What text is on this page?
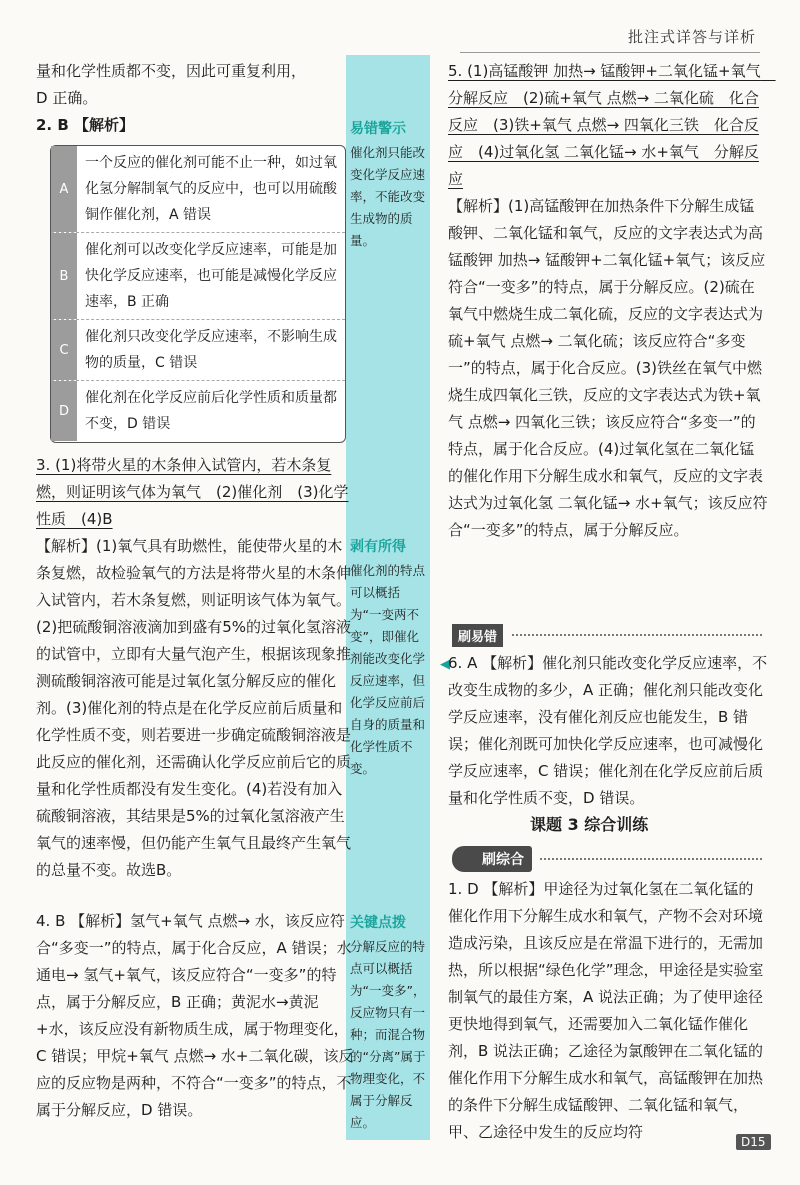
批注式详答与详析

量和化学性质都不变，因此可重复利用，

D 正确。

2. B 【解析】

A
一个反应的催化剂可能不止一种，如过氧化氢分解制氧气的反应中，也可以用硫酸铜作催化剂，A 错误
B
催化剂可以改变化学反应速率，可能是加快化学反应速率，也可能是减慢化学反应速率，B 正确
C
催化剂只改变化学反应速率，不影响生成物的质量，C 错误
D
催化剂在化学反应前后化学性质和质量都不变，D 错误

3. (1)将带火星的木条伸入试管内，若木条复燃，则证明该气体为氧气　(2)催化剂　(3)化学性质　(4)B

【解析】(1)氧气具有助燃性，能使带火星的木条复燃，故检验氧气的方法是将带火星的木条伸入试管内，若木条复燃，则证明该气体为氧气。(2)把硫酸铜溶液滴加到盛有5%的过氧化氢溶液的试管中，立即有大量气泡产生，根据该现象推测硫酸铜溶液可能是过氧化氢分解反应的催化剂。(3)催化剂的特点是在化学反应前后质量和化学性质不变，则若要进一步确定硫酸铜溶液是此反应的催化剂，还需确认化学反应前后它的质量和化学性质都没有发生变化。(4)若没有加入硫酸铜溶液，其结果是5%的过氧化氢溶液产生氧气的速率慢，但仍能产生氧气且最终产生氧气的总量不变。故选B。

4. B 【解析】氢气+氧气 点燃→ 水，该反应符合“多变一”的特点，属于化合反应，A 错误；水 通电→ 氢气+氧气，该反应符合“一变多”的特点，属于分解反应，B 正确；黄泥水→黄泥+水，该反应没有新物质生成，属于物理变化，C 错误；甲烷+氧气 点燃→ 水+二氧化碳，该反应的反应物是两种，不符合“一变多”的特点，不属于分解反应，D 错误。

易错警示
催化剂只能改变化学反应速率，不能改变生成物的质量。
剥有所得
催化剂的特点可以概括为“一变两不变”，即催化剂能改变化学反应速率，但化学反应前后自身的质量和化学性质不变。
关键点拨
分解反应的特点可以概括为“一变多”，反应物只有一种；而混合物的“分离”属于物理变化，不属于分解反应。

5. (1)高锰酸钾 加热→ 锰酸钾+二氧化锰+氧气　分解反应　(2)硫+氧气 点燃→ 二氧化硫　化合反应　(3)铁+氧气 点燃→ 四氧化三铁　化合反应　(4)过氧化氢 二氧化锰→ 水+氧气　分解反应

【解析】(1)高锰酸钾在加热条件下分解生成锰酸钾、二氧化锰和氧气，反应的文字表达式为高锰酸钾 加热→ 锰酸钾+二氧化锰+氧气；该反应符合“一变多”的特点，属于分解反应。(2)硫在氧气中燃烧生成二氧化硫，反应的文字表达式为硫+氧气 点燃→ 二氧化硫；该反应符合“多变一”的特点，属于化合反应。(3)铁丝在氧气中燃烧生成四氧化三铁，反应的文字表达式为铁+氧气 点燃→ 四氧化三铁；该反应符合“多变一”的特点，属于化合反应。(4)过氧化氢在二氧化锰的催化作用下分解生成水和氧气，反应的文字表达式为过氧化氢 二氧化锰→ 水+氧气；该反应符合“一变多”的特点，属于分解反应。

刷易错
◀

6. A 【解析】催化剂只能改变化学反应速率，不改变生成物的多少，A 正确；催化剂只能改变化学反应速率，没有催化剂反应也能发生，B 错误；催化剂既可加快化学反应速率，也可减慢化学反应速率，C 错误；催化剂在化学反应前后质量和化学性质不变，D 错误。

课题 3 综合训练
刷综合

1. D 【解析】甲途径为过氧化氢在二氧化锰的催化作用下分解生成水和氧气，产物不会对环境造成污染，且该反应是在常温下进行的，无需加热，所以根据“绿色化学”理念，甲途径是实验室制氧气的最佳方案，A 说法正确；为了使甲途径更快地得到氧气，还需要加入二氧化锰作催化剂，B 说法正确；乙途径为氯酸钾在二氧化锰的催化作用下分解生成水和氧气，高锰酸钾在加热的条件下分解生成锰酸钾、二氧化锰和氧气，甲、乙途径中发生的反应均符

D15
